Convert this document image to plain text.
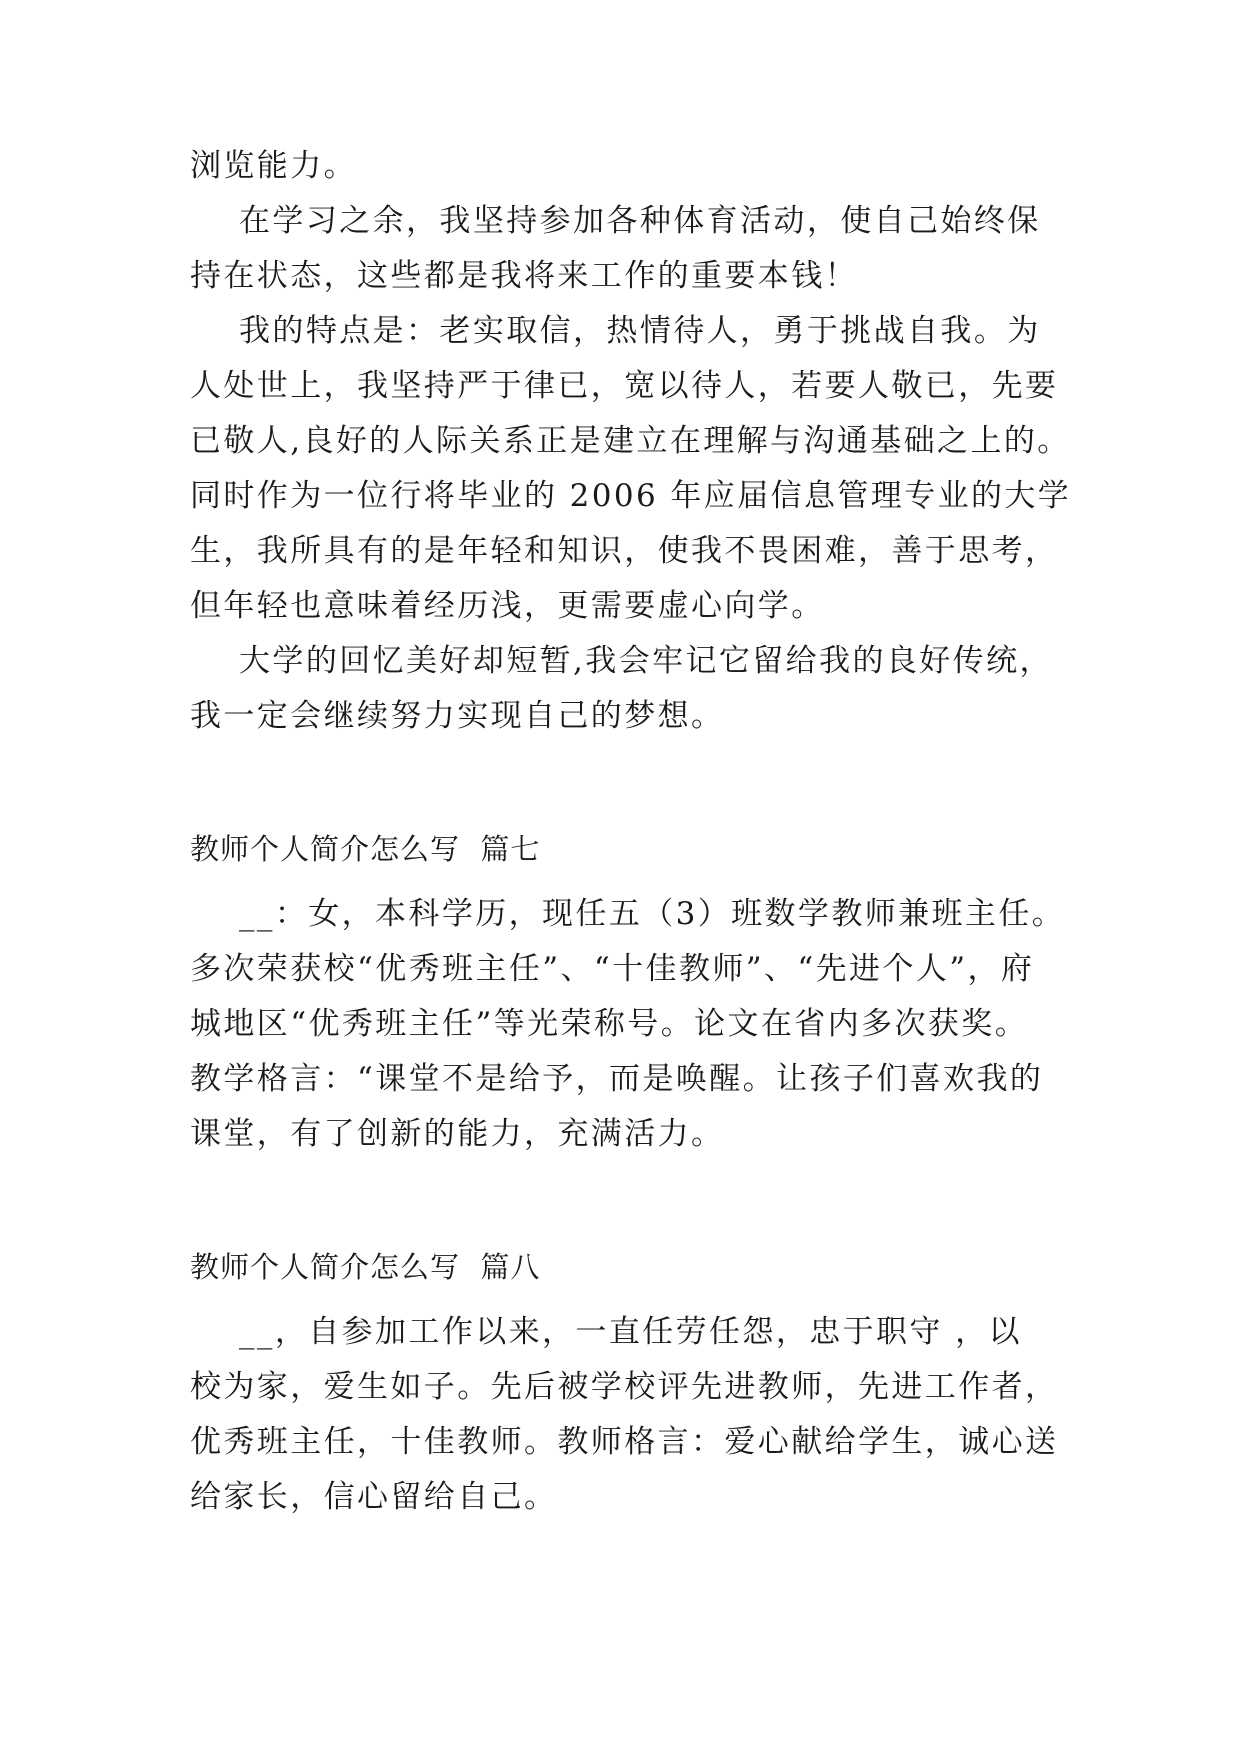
浏览能力。
在学习之余，我坚持参加各种体育活动，使自己始终保
持在状态，这些都是我将来工作的重要本钱！
我的特点是：老实取信，热情待人，勇于挑战自我。为
人处世上，我坚持严于律已，宽以待人，若要人敬已，先要
已敬人,良好的人际关系正是建立在理解与沟通基础之上的。
同时作为一位行将毕业的 2006 年应届信息管理专业的大学
生，我所具有的是年轻和知识，使我不畏困难，善于思考，
但年轻也意味着经历浅，更需要虚心向学。
大学的回忆美好却短暂,我会牢记它留给我的良好传统，
我一定会继续努力实现自己的梦想。
教师个人简介怎么写  篇七
__：女，本科学历，现任五（3）班数学教师兼班主任。
多次荣获校“优秀班主任”、“十佳教师”、“先进个人”，府
城地区“优秀班主任”等光荣称号。论文在省内多次获奖。
教学格言：“课堂不是给予，而是唤醒。让孩子们喜欢我的
课堂，有了创新的能力，充满活力。
教师个人简介怎么写  篇八
__，自参加工作以来，一直任劳任怨，忠于职守 ，以
校为家，爱生如子。先后被学校评先进教师，先进工作者，
优秀班主任，十佳教师。教师格言：爱心献给学生，诚心送
给家长，信心留给自己。
